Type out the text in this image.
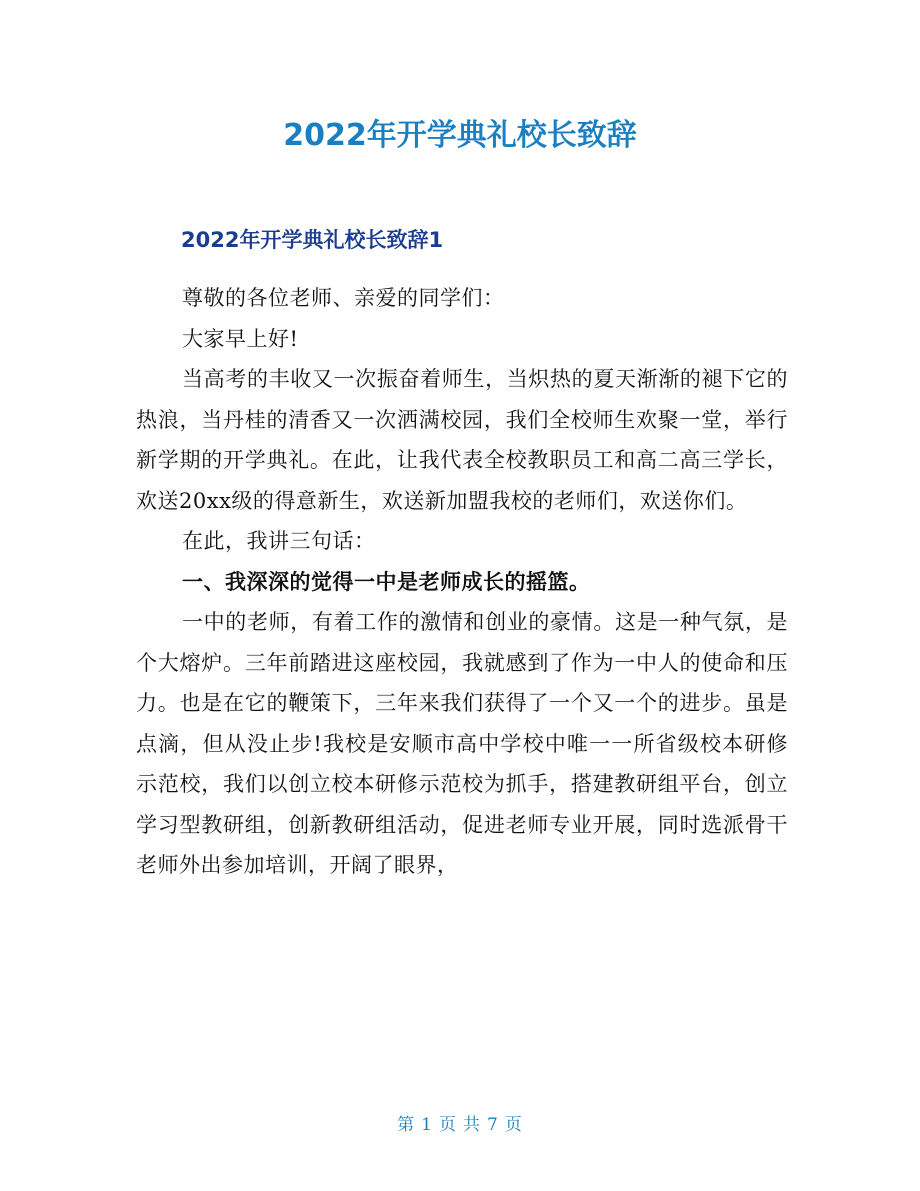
2022年开学典礼校长致辞
2022年开学典礼校长致辞1

尊敬的各位老师、亲爱的同学们：

大家早上好!

当高考的丰收又一次振奋着师生，当炽热的夏天渐渐的褪下它的热浪，当丹桂的清香又一次洒满校园，我们全校师生欢聚一堂，举行新学期的开学典礼。在此，让我代表全校教职员工和高二高三学长，欢送20xx级的得意新生，欢送新加盟我校的老师们，欢送你们。

在此，我讲三句话：

一、我深深的觉得一中是老师成长的摇篮。

一中的老师，有着工作的激情和创业的豪情。这是一种气氛，是个大熔炉。三年前踏进这座校园，我就感到了作为一中人的使命和压力。也是在它的鞭策下，三年来我们获得了一个又一个的进步。虽是点滴，但从没止步!我校是安顺市高中学校中唯一一所省级校本研修示范校，我们以创立校本研修示范校为抓手，搭建教研组平台，创立学习型教研组，创新教研组活动，促进老师专业开展，同时选派骨干老师外出参加培训，开阔了眼界，

第 1 页 共 7 页
